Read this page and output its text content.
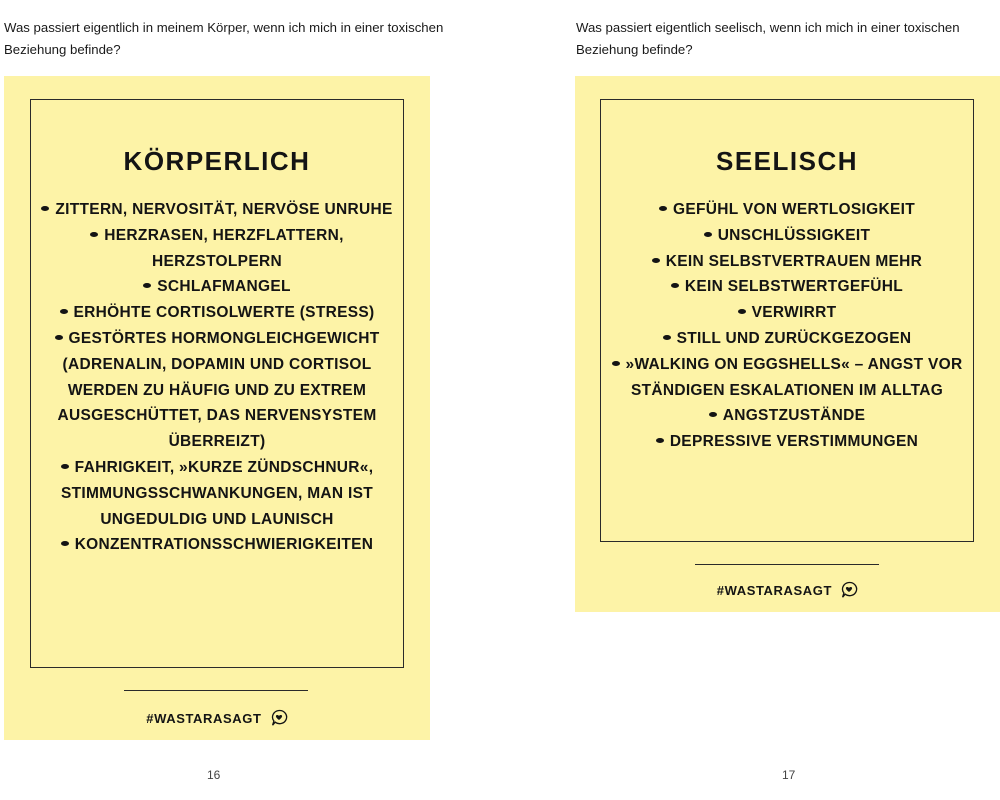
Was passiert eigentlich in meinem Körper, wenn ich mich in einer toxischen Beziehung befinde?
KÖRPERLICH
ZITTERN, NERVOSITÄT, NERVÖSE UNRUHE
HERZRASEN, HERZFLATTERN, HERZSTOLPERN
SCHLAFMANGEL
ERHÖHTE CORTISOLWERTE (STRESS)
GESTÖRTES HORMONGLEICHGEWICHT (ADRENALIN, DOPAMIN UND CORTISOL WERDEN ZU HÄUFIG UND ZU EXTREM AUSGESCHÜTTET, DAS NERVENSYSTEM ÜBERREIZT)
FAHRIGKEIT, »KURZE ZÜNDSCHNUR«, STIMMUNGSSCHWANKUNGEN, MAN IST UNGEDULDIG UND LAUNISCH
KONZENTRATIONSSCHWIERIGKEITEN
#WASTARASAGT
16
Was passiert eigentlich seelisch, wenn ich mich in einer toxischen Beziehung befinde?
SEELISCH
GEFÜHL VON WERTLOSIGKEIT
UNSCHLÜSSIGKEIT
KEIN SELBSTVERTRAUEN MEHR
KEIN SELBSTWERTGEFÜHL
VERWIRRT
STILL UND ZURÜCKGEZOGEN
»WALKING ON EGGSHELLS« – ANGST VOR STÄNDIGEN ESKALATIONEN IM ALLTAG
ANGSTZUSTÄNDE
DEPRESSIVE VERSTIMMUNGEN
#WASTARASAGT
17
